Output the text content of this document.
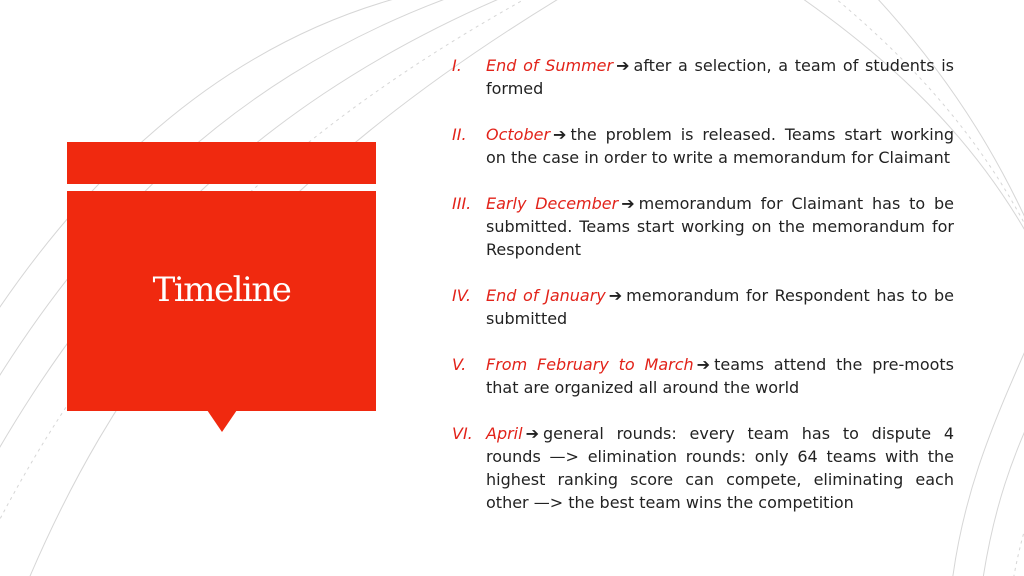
Timeline
I.	End of Summer ➔ after a selection, a team of students is formed
II.	October ➔ the problem is released. Teams start working on the case in order to write a memorandum for Claimant
III. Early December ➔ memorandum for Claimant has to be submitted. Teams start working on the memorandum for Respondent
IV. End of January ➔ memorandum for Respondent has to be submitted
V.	From February to March ➔ teams attend the pre-moots that are organized all around the world
VI. April ➔ general rounds: every team has to dispute 4 rounds —> elimination rounds: only 64 teams with the highest ranking score can compete, eliminating each other —> the best team wins the competition
